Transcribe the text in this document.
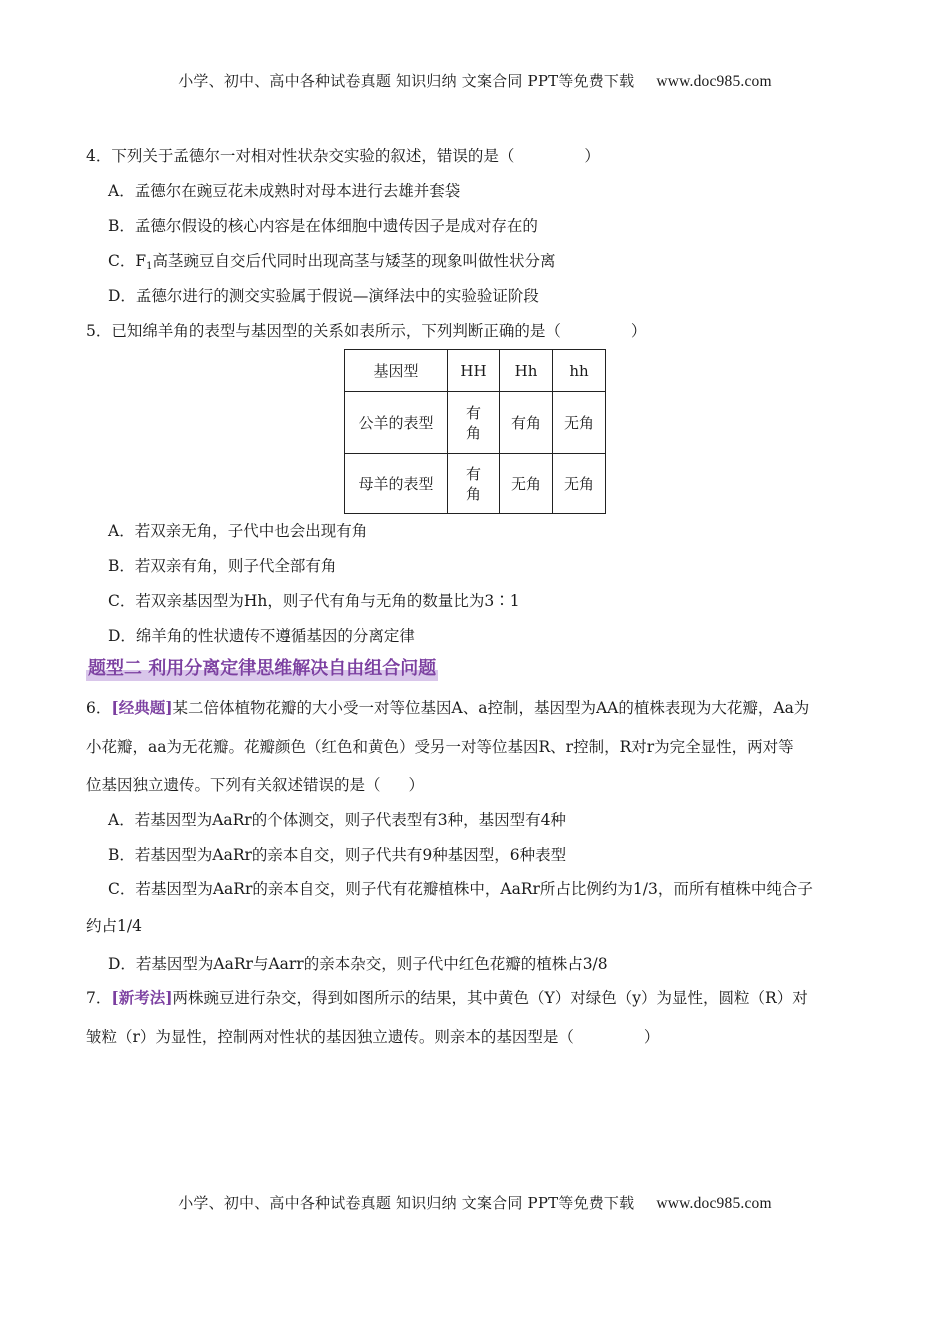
小学、初中、高中各种试卷真题 知识归纳 文案合同 PPT等免费下载 www.doc985.com
4．下列关于孟德尔一对相对性状杂交实验的叙述，错误的是（	）
A．孟德尔在豌豆花未成熟时对母本进行去雄并套袋
B．孟德尔假设的核心内容是在体细胞中遗传因子是成对存在的
C．$F_1$高茎豌豆自交后代同时出现高茎与矮茎的现象叫做性状分离
D．孟德尔进行的测交实验属于假说—演绎法中的实验验证阶段
5．已知绵羊角的表型与基因型的关系如表所示，下列判断正确的是（	）
基因型	HH	Hh	hh
公羊的表型	有角	有角	无角
母羊的表型	有角	无角	无角
A．若双亲无角，子代中也会出现有角
B．若双亲有角，则子代全部有角
C．若双亲基因型为Hh，则子代有角与无角的数量比为3∶1
D．绵羊角的性状遗传不遵循基因的分离定律
题型二 利用分离定律思维解决自由组合问题
6．[经典题]某二倍体植物花瓣的大小受一对等位基因A、a控制，基因型为AA的植株表现为大花瓣，Aa为
小花瓣，aa为无花瓣。花瓣颜色（红色和黄色）受另一对等位基因R、r控制，R对r为完全显性，两对等
位基因独立遗传。下列有关叙述错误的是（ ）
A．若基因型为AaRr的个体测交，则子代表型有3种，基因型有4种
B．若基因型为AaRr的亲本自交，则子代共有9种基因型，6种表型
C．若基因型为AaRr的亲本自交，则子代有花瓣植株中，AaRr所占比例约为1/3，而所有植株中纯合子
约占1/4
D．若基因型为AaRr与Aarr的亲本杂交，则子代中红色花瓣的植株占3/8
7．[新考法]两株豌豆进行杂交，得到如图所示的结果，其中黄色（Y）对绿色（y）为显性，圆粒（R）对
皱粒（r）为显性，控制两对性状的基因独立遗传。则亲本的基因型是（	）
小学、初中、高中各种试卷真题 知识归纳 文案合同 PPT等免费下载 www.doc985.com
